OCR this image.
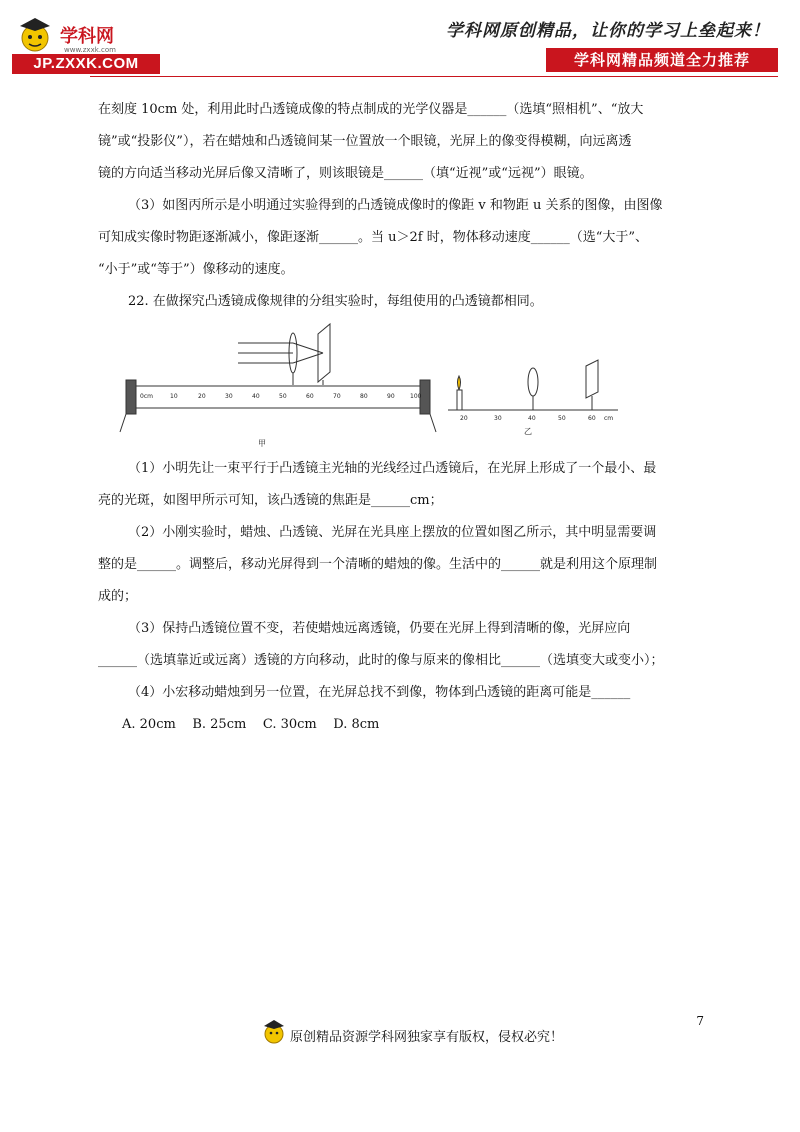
学科网
www.zxxk.com
JP.ZXXK.COM
学科网原创精品，让你的学习上垒起来！
学科网精品频道全力推荐

在刻度 10cm 处，利用此时凸透镜成像的特点制成的光学仪器是______（选填“照相机”、“放大

镜”或“投影仪”），若在蜡烛和凸透镜间某一位置放一个眼镜，光屏上的像变得模糊，向远离透

镜的方向适当移动光屏后像又清晰了，则该眼镜是______（填“近视”或“远视”）眼镜。

（3）如图丙所示是小明通过实验得到的凸透镜成像时的像距 v 和物距 u 关系的图像，由图像

可知成实像时物距逐渐减小，像距逐渐______。当 u＞2f 时，物体移动速度______（选“大于”、

“小于”或“等于”）像移动的速度。

22. 在做探究凸透镜成像规律的分组实验时，每组使用的凸透镜都相同。

0cm	10	20	30	40	50	60	70	80	90	100
甲
20	30	40	50	60 cm
乙

（1）小明先让一束平行于凸透镜主光轴的光线经过凸透镜后，在光屏上形成了一个最小、最

亮的光斑，如图甲所示可知，该凸透镜的焦距是______cm；

（2）小刚实验时，蜡烛、凸透镜、光屏在光具座上摆放的位置如图乙所示，其中明显需要调

整的是______。调整后，移动光屏得到一个清晰的蜡烛的像。生活中的______就是利用这个原理制

成的；

（3）保持凸透镜位置不变，若使蜡烛远离透镜，仍要在光屏上得到清晰的像，光屏应向

______（选填靠近或远离）透镜的方向移动，此时的像与原来的像相比______（选填变大或变小）；

（4）小宏移动蜡烛到另一位置，在光屏总找不到像，物体到凸透镜的距离可能是______

A. 20cm    B. 25cm    C. 30cm    D. 8cm

7
原创精品资源学科网独家享有版权，侵权必究！
